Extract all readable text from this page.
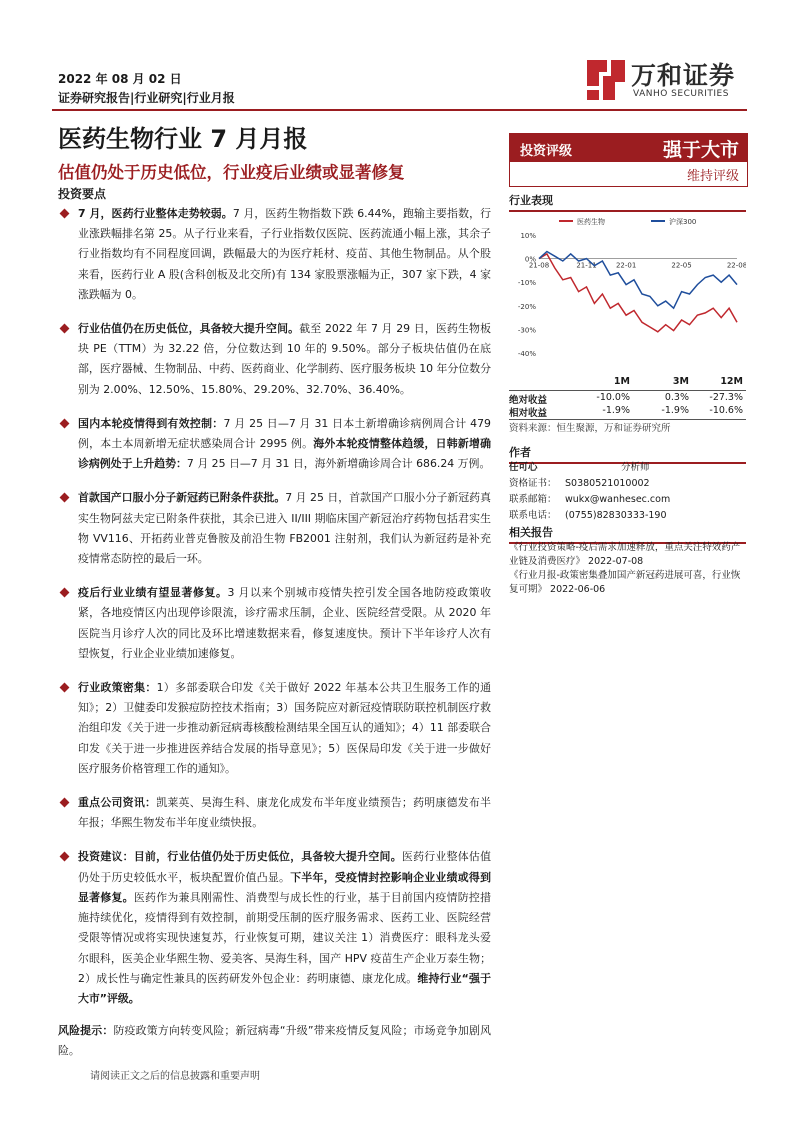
2022 年 08 月 02 日
证券研究报告|行业研究|行业月报
万和证券
VANHO SECURITIES
医药生物行业 7 月月报
估值仍处于历史低位，行业疫后业绩或显著修复
投资要点
7 月，医药行业整体走势较弱。7 月，医药生物指数下跌 6.44%，跑输主要指数，行业涨跌幅排名第 25。从子行业来看，子行业指数仅医院、医药流通小幅上涨，其余子行业指数均有不同程度回调，跌幅最大的为医疗耗材、疫苗、其他生物制品。从个股来看，医药行业 A 股(含科创板及北交所)有 134 家股票涨幅为正，307 家下跌，4 家涨跌幅为 0。
行业估值仍在历史低位，具备较大提升空间。截至 2022 年 7 月 29 日，医药生物板块 PE（TTM）为 32.22 倍，分位数达到 10 年的 9.50%。部分子板块估值仍在底部，医疗器械、生物制品、中药、医药商业、化学制药、医疗服务板块 10 年分位数分别为 2.00%、12.50%、15.80%、29.20%、32.70%、36.40%。
国内本轮疫情得到有效控制：7 月 25 日—7 月 31 日本土新增确诊病例周合计 479 例，本土本周新增无症状感染周合计 2995 例。海外本轮疫情整体趋缓，日韩新增确诊病例处于上升趋势：7 月 25 日—7 月 31 日，海外新增确诊周合计 686.24 万例。
首款国产口服小分子新冠药已附条件获批。7 月 25 日，首款国产口服小分子新冠药真实生物阿兹夫定已附条件获批，其余已进入 II/III 期临床国产新冠治疗药物包括君实生物 VV116、开拓药业普克鲁胺及前沿生物 FB2001 注射剂，我们认为新冠药是补充疫情常态防控的最后一环。
疫后行业业绩有望显著修复。3 月以来个别城市疫情失控引发全国各地防疫政策收紧，各地疫情区内出现停诊限流，诊疗需求压制，企业、医院经营受限。从 2020 年医院当月诊疗人次的同比及环比增速数据来看，修复速度快。预计下半年诊疗人次有望恢复，行业企业业绩加速修复。
行业政策密集：1）多部委联合印发《关于做好 2022 年基本公共卫生服务工作的通知》；2）卫健委印发猴痘防控技术指南；3）国务院应对新冠疫情联防联控机制医疗救治组印发《关于进一步推动新冠病毒核酸检测结果全国互认的通知》；4）11 部委联合印发《关于进一步推进医养结合发展的指导意见》；5）医保局印发《关于进一步做好医疗服务价格管理工作的通知》。
重点公司资讯：凯莱英、昊海生科、康龙化成发布半年度业绩预告；药明康德发布半年报；华熙生物发布半年度业绩快报。
投资建议：目前，行业估值仍处于历史低位，具备较大提升空间。医药行业整体估值仍处于历史较低水平，板块配置价值凸显。下半年，受疫情封控影响企业业绩或得到显著修复。医药作为兼具刚需性、消费型与成长性的行业，基于目前国内疫情防控措施持续优化，疫情得到有效控制，前期受压制的医疗服务需求、医药工业、医院经营受限等情况或将实现快速复苏，行业恢复可期，建议关注 1）消费医疗：眼科龙头爱尔眼科，医美企业华熙生物、爱美客、昊海生科，国产 HPV 疫苗生产企业万泰生物；2）成长性与确定性兼具的医药研发外包企业：药明康德、康龙化成。维持行业“强于大市”评级。
风险提示：防疫政策方向转变风险；新冠病毒“升级”带来疫情反复风险；市场竞争加剧风险。
投资评级	强于大市
维持评级
行业表现
10%
0%
-10%
-20%
-30%
-40%
21-08	21-11	22-01	22-05	22-08
医药生物	沪深300
1M	3M	12M
绝对收益	-10.0%	0.3% -27.3%
相对收益	-1.9%	-1.9% -10.6%
资料来源：恒生聚源，万和证券研究所
作者
任可心	分析师
资格证书： S0380521010002
联系邮箱： wukx@wanhesec.com
联系电话： (0755)82830333-190
相关报告
《行业投资策略-疫后需求加速释放，重点关注特效药产业链及消费医疗》 2022-07-08
《行业月报-政策密集叠加国产新冠药进展可喜，行业恢复可期》 2022-06-06
请阅读正文之后的信息披露和重要声明
